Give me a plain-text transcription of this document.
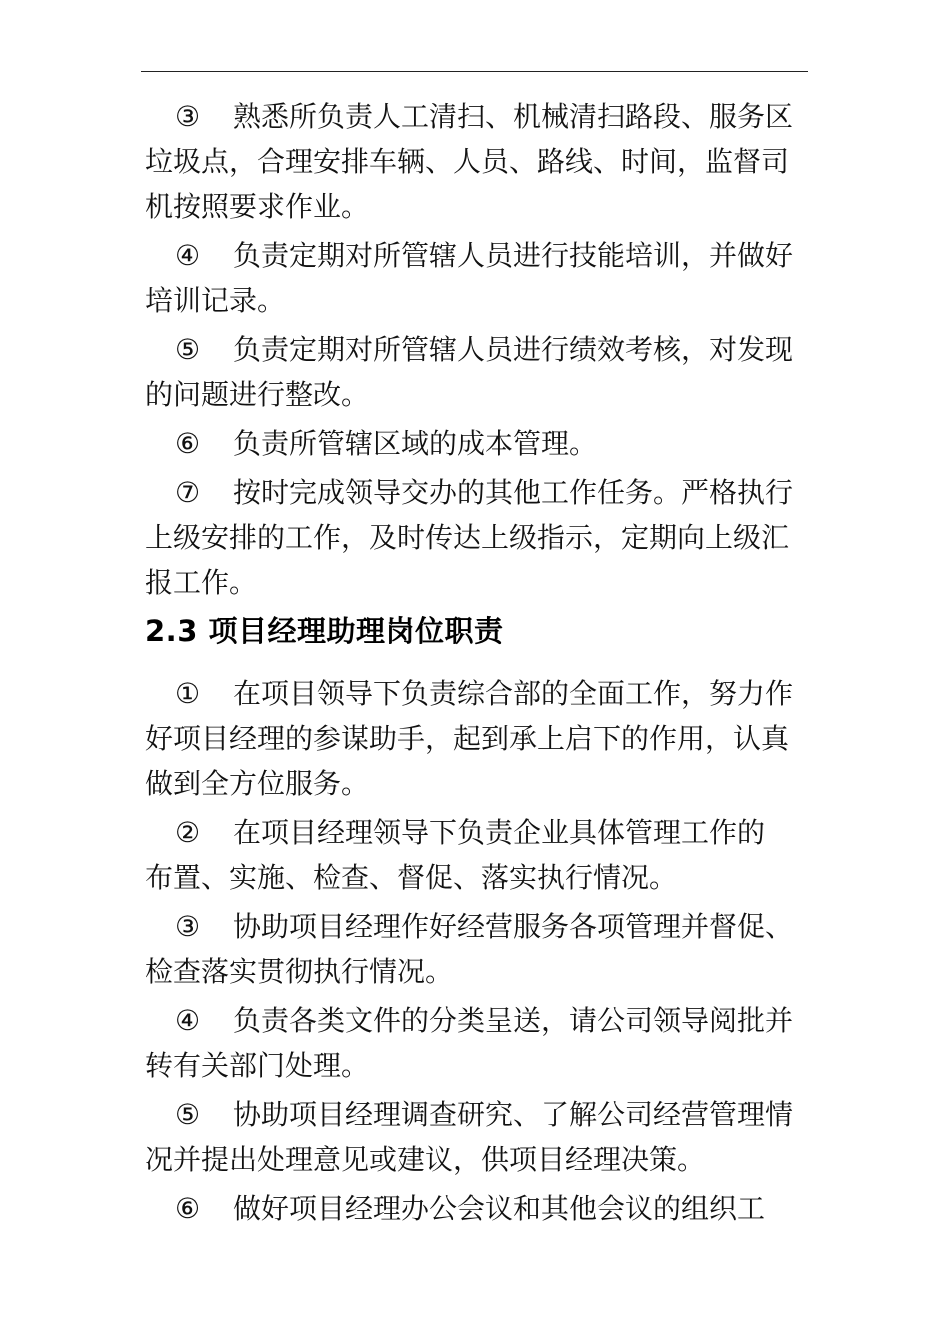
③ 熟悉所负责人工清扫、机械清扫路段、服务区
垃圾点，合理安排车辆、人员、路线、时间，监督司
机按照要求作业。
④ 负责定期对所管辖人员进行技能培训，并做好
培训记录。
⑤ 负责定期对所管辖人员进行绩效考核，对发现
的问题进行整改。
⑥ 负责所管辖区域的成本管理。
⑦ 按时完成领导交办的其他工作任务。严格执行
上级安排的工作，及时传达上级指示，定期向上级汇
报工作。
2.3 项目经理助理岗位职责
① 在项目领导下负责综合部的全面工作，努力作
好项目经理的参谋助手，起到承上启下的作用，认真
做到全方位服务。
② 在项目经理领导下负责企业具体管理工作的
布置、实施、检查、督促、落实执行情况。
③ 协助项目经理作好经营服务各项管理并督促、
检查落实贯彻执行情况。
④ 负责各类文件的分类呈送，请公司领导阅批并
转有关部门处理。
⑤ 协助项目经理调查研究、了解公司经营管理情
况并提出处理意见或建议，供项目经理决策。
⑥ 做好项目经理办公会议和其他会议的组织工
